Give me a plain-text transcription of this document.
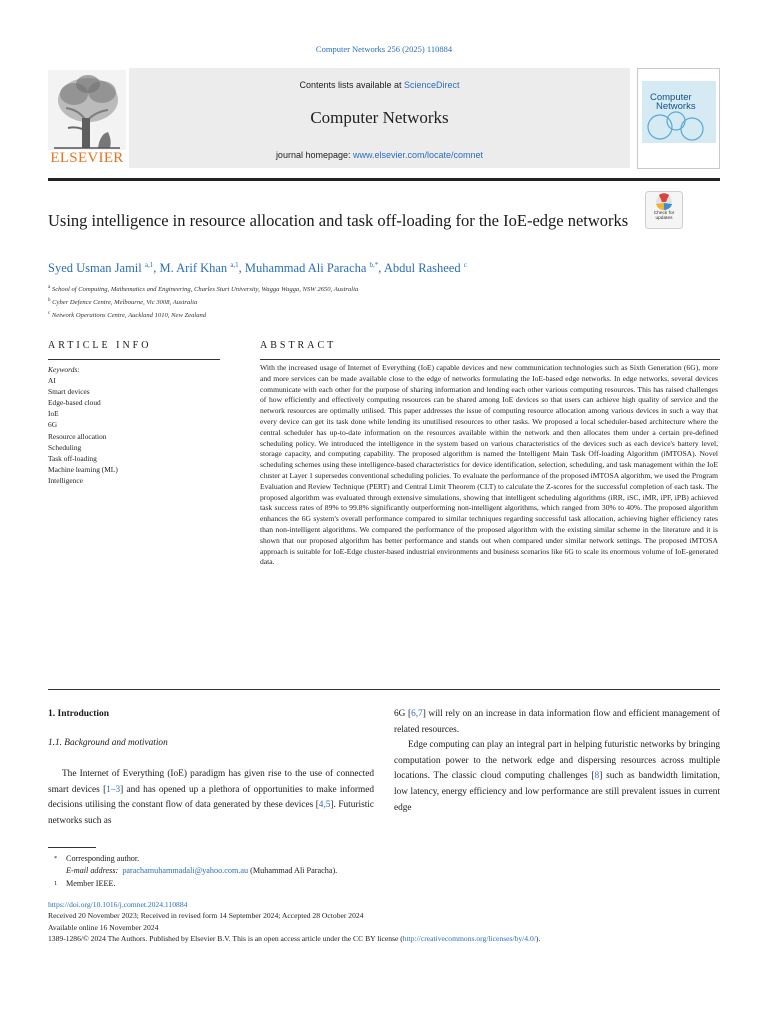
Computer Networks 256 (2025) 110884
ELSEVIER
Contents lists available at ScienceDirect
Computer Networks
journal homepage: www.elsevier.com/locate/comnet
Computer
Networks
Using intelligence in resource allocation and task off-loading for the IoE-edge networks	Check for
updates
Syed Usman Jamil $^{a,1}$, M. Arif Khan $^{a,1}$, Muhammad Ali Paracha $^{b,*}$, Abdul Rasheed $^c$
$^a$ School of Computing, Mathematics and Engineering, Charles Sturt University, Wagga Wagga, NSW 2650, Australia
$^b$ Cyber Defence Centre, Melbourne, Vic 3008, Australia
$^c$ Network Operations Centre, Auckland 1010, New Zealand
ARTICLE INFO
Keywords:
AI
Smart devices
Edge-based cloud
IoE
6G
Resource allocation
Scheduling
Task off-loading
Machine learning (ML)
Intelligence
ABSTRACT
With the increased usage of Internet of Everything (IoE) capable devices and new communication technologies such as Sixth Generation (6G), more and more services can be made available close to the edge of networks formulating the IoE-based edge networks. In edge networks, several devices communicate with each other for the purpose of sharing information and lending each other various computing resources. This has raised challenges of how efficiently and effectively computing resources can be shared among IoE devices so that users can achieve high quality of service and the network resources are optimally utilised. This paper addresses the issue of computing resource allocation among various devices in such a way that every device can get its task done while lending its unutilised resources to other tasks. We proposed a local scheduler-based architecture where the central scheduler has up-to-date information on the resources available within the network and then allocates them under a certain pre-defined scheduling policy. We introduced the intelligence in the system based on various characteristics of the devices such as each device's battery level, storage capacity, and computing capability. The proposed algorithm is named the Intelligent Main Task Off-loading Algorithm (iMTOSA). Novel scheduling schemes using these intelligence-based characteristics for device identification, selection, scheduling, and task management within the IoE cluster at Layer 1 supersedes conventional scheduling policies. To evaluate the performance of the proposed iMTOSA algorithm, we used the Program Evaluation and Review Technique (PERT) and Central Limit Theorem (CLT) to calculate the Z-scores for the successful completion of each task. The proposed algorithm was evaluated through extensive simulations, showing that intelligent scheduling algorithms (iRR, iSC, iMR, iPF, iPB) achieved task success rates of 89% to 99.8% significantly outperforming non-intelligent algorithms, which ranged from 30% to 40%. The proposed algorithm enhances the 6G system's overall performance compared to similar techniques regarding successful task allocation, achieving higher efficiency rates than non-intelligent algorithms. We compared the performance of the proposed algorithm with the existing similar scheme in the literature and it is shown that our proposed algorithm has better performance and stands out when compared under similar network settings. The proposed iMTOSA approach is suitable for IoE-Edge cluster-based industrial environments and business scenarios like 6G to scale its enormous volume of IoE-generated data.
1. Introduction
1.1. Background and motivation

The Internet of Everything (IoE) paradigm has given rise to the use of connected smart devices [1–3] and has opened up a plethora of opportunities to make informed decisions utilising the constant flow of data generated by these devices [4,5]. Futuristic networks such as

6G [6,7] will rely on an increase in data information flow and efficient management of related resources.

Edge computing can play an integral part in helping futuristic networks by bringing computation power to the network edge and dispersing resources across multiple locations. The classic cloud computing challenges [8] such as bandwidth limitation, low latency, energy efficiency and low performance are still prevalent issues in current edge

* Corresponding author.
E-mail address: parachamuhammadali@yahoo.com.au (Muhammad Ali Paracha).
1 Member IEEE.
https://doi.org/10.1016/j.comnet.2024.110884
Received 20 November 2023; Received in revised form 14 September 2024; Accepted 28 October 2024
Available online 16 November 2024
1389-1286/© 2024 The Authors. Published by Elsevier B.V. This is an open access article under the CC BY license (http://creativecommons.org/licenses/by/4.0/).
